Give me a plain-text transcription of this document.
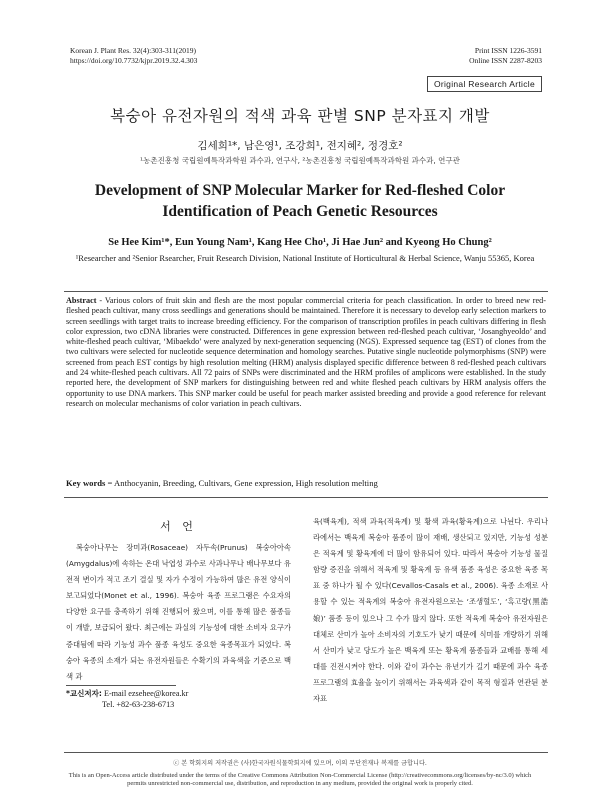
Korean J. Plant Res. 32(4):303-311(2019)
https://doi.org/10.7732/kjpr.2019.32.4.303
Print ISSN 1226-3591
Online ISSN 2287-8203
Original Research Article
복숭아 유전자원의 적색 과육 판별 SNP 분자표지 개발
김세희¹*, 남은영¹, 조강희¹, 전지혜², 정경호²
¹농촌진흥청 국립원예특작과학원 과수과, 연구사, ²농촌진흥청 국립원예특작과학원 과수과, 연구관
Development of SNP Molecular Marker for Red-fleshed Color
Identification of Peach Genetic Resources
Se Hee Kim¹*, Eun Young Nam¹, Kang Hee Cho¹, Ji Hae Jun² and Kyeong Ho Chung²
¹Researcher and ²Senior Rsearcher, Fruit Research Division, National Institute of Horticultural & Herbal Science, Wanju 55365, Korea
Abstract - Various colors of fruit skin and flesh are the most popular commercial criteria for peach classification. In order to breed new red-fleshed peach cultivar, many cross seedlings and generations should be maintained. Therefore it is necessary to develop early selection markers to screen seedlings with target traits to increase breeding efficiency. For the comparison of transcription profiles in peach cultivars differing in flesh color expression, two cDNA libraries were constructed. Differences in gene expression between red-fleshed peach cultivar, ‘Josanghyeoldo’ and white-fleshed peach cultivar, ‘Mibaekdo’ were analyzed by next-generation sequencing (NGS). Expressed sequence tag (EST) of clones from the two cultivars were selected for nucleotide sequence determination and homology searches. Putative single nucleotide polymorphisms (SNP) were screened from peach EST contigs by high resolution melting (HRM) analysis displayed specific difference between 8 red-fleshed peach cultivars and 24 white-fleshed peach cultivars. All 72 pairs of SNPs were discriminated and the HRM profiles of amplicons were established. In the study reported here, the development of SNP markers for distinguishing between red and white fleshed peach cultivars by HRM analysis offers the opportunity to use DNA markers. This SNP marker could be useful for peach marker assisted breeding and provide a good reference for relevant research on molecular mechanisms of color variation in peach cultivars.
Key words = Anthocyanin, Breeding, Cultivars, Gene expression, High resolution melting
서 언
복숭아나무는 장미과(Rosaceae) 자두속(Prunus) 복숭아아속(Amygdalus)에 속하는 온대 낙엽성 과수로 사과나무나 배나무보다 유전적 변이가 적고 조기 결실 및 자가 수정이 가능하여 많은 유전 양식이 보고되었다(Monet et al., 1996). 복숭아 육종 프로그램은 수요자의 다양한 요구를 충족하기 위해 진행되어 왔으며, 이를 통해 많은 품종들이 개발, 보급되어 왔다. 최근에는 과실의 기능성에 대한 소비자 요구가 증대됨에 따라 기능성 과수 품종 육성도 중요한 육종목표가 되었다. 복숭아 육종의 소재가 되는 유전자원들은 수확기의 과육색을 기준으로 백색 과
육(백육계), 적색 과육(적육계) 및 황색 과육(황육계)으로 나뉜다. 우리나라에서는 백육계 복숭아 품종이 많이 재배, 생산되고 있지만, 기능성 성분은 적육계 및 황육계에 더 많이 함유되어 있다. 따라서 복숭아 기능성 물질 함량 증진을 위해서 적육계 및 황육계 등 유색 품종 육성은 중요한 육종 목표 중 하나가 될 수 있다(Cevallos-Casals et al., 2006). 육종 소재로 사용할 수 있는 적육계의 복숭아 유전자원으로는 ‘조생혈도’, ‘흑고량(黑誥娘)’ 품종 등이 있으나 그 수가 많지 않다. 또한 적육계 복숭아 유전자원은 대체로 산미가 높아 소비자의 기호도가 낮기 때문에 식미를 개량하기 위해서 산미가 낮고 당도가 높은 백육계 또는 황육계 품종들과 교배를 통해 세대를 진전시켜야 한다. 이와 같이 과수는 유년기가 길기 때문에 과수 육종 프로그램의 효율을 높이기 위해서는 과육색과 같이 목적 형질과 연관된 분자표
*교신저자: E-mail ezsehee@korea.kr
Tel. +82-63-238-6713
ⓒ 본 학회지의 저작권은 (사)한국자원식물학회지에 있으며, 이의 무단전재나 복제를 금합니다.
This is an Open-Access article distributed under the terms of the Creative Commons Attribution Non-Commercial License (http://creativecommons.org/licenses/by-nc/3.0) which permits unrestricted non-commercial use, distribution, and reproduction in any medium, provided the original work is properly cited.
